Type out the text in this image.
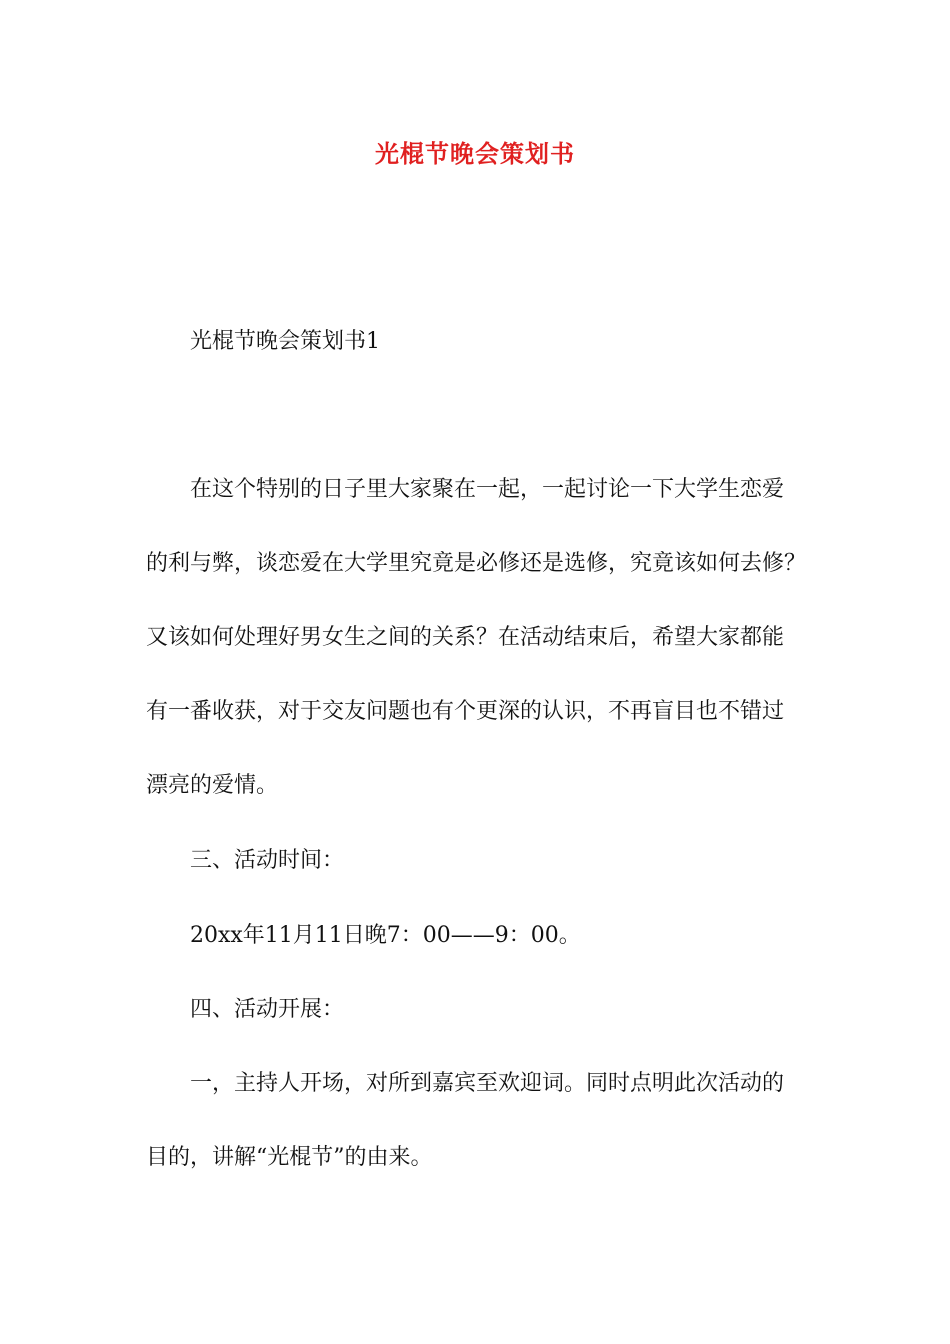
光棍节晚会策划书
光棍节晚会策划书1
在这个特别的日子里大家聚在一起，一起讨论一下大学生恋爱
的利与弊，谈恋爱在大学里究竟是必修还是选修，究竟该如何去修？
又该如何处理好男女生之间的关系？在活动结束后，希望大家都能
有一番收获，对于交友问题也有个更深的认识，不再盲目也不错过
漂亮的爱情。
三、活动时间：
20xx年11月11日晚7：00——9：00。
四、活动开展：
一，主持人开场，对所到嘉宾至欢迎词。同时点明此次活动的
目的，讲解“光棍节”的由来。
